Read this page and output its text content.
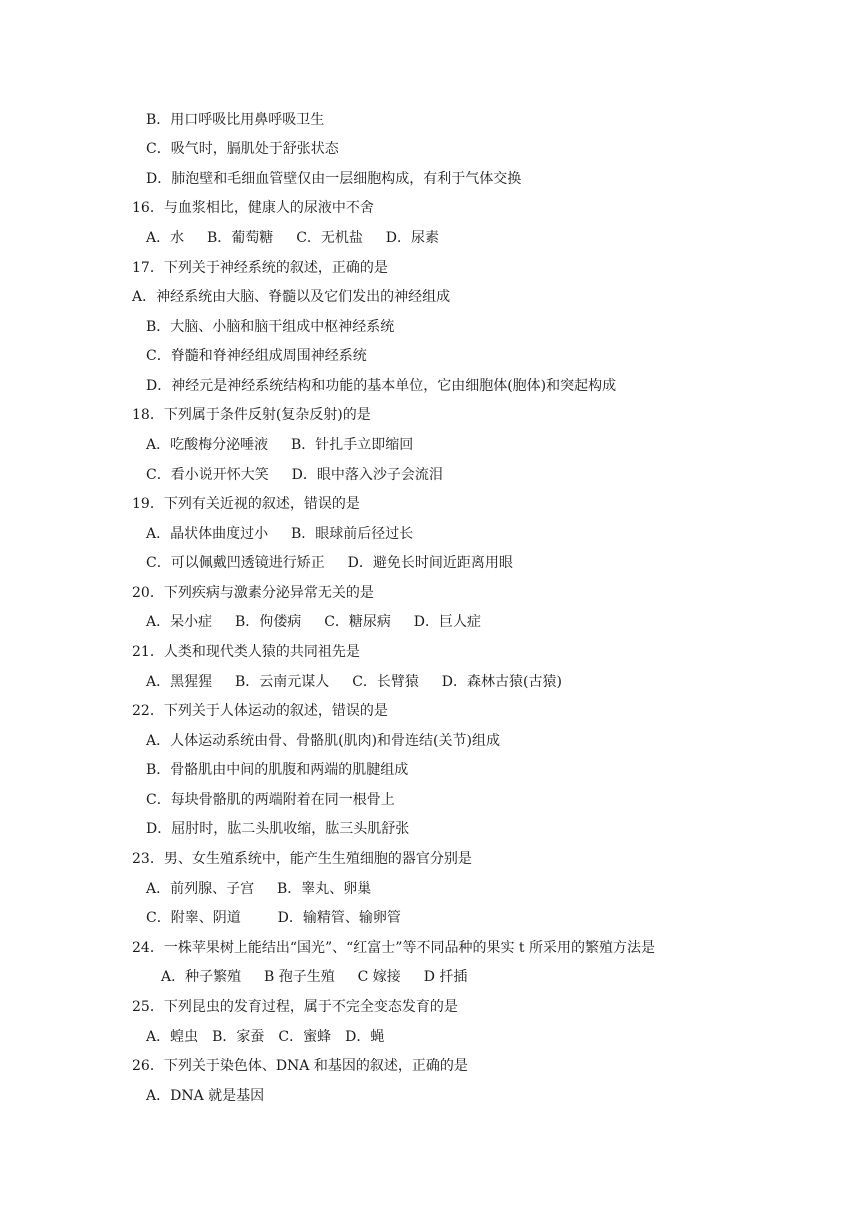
B．用口呼吸比用鼻呼吸卫生
C．吸气时，膈肌处于舒张状态
D．肺泡壁和毛细血管壁仅由一层细胞构成，有利于气体交换
16．与血浆相比，健康人的尿液中不舍
A．水　  B．葡萄糖　  C．无机盐　  D．尿素
17．下列关于神经系统的叙述，正确的是
A．神经系统由大脑、脊髓以及它们发出的神经组成
B．大脑、小脑和脑干组成中枢神经系统
C．脊髓和脊神经组成周围神经系统
D．神经元是神经系统结构和功能的基本单位，它由细胞体(胞体)和突起构成
18．下列属于条件反射(复杂反射)的是
A．吃酸梅分泌唾液　  B．针扎手立即缩回
C．看小说开怀大笑　  D．眼中落入沙子会流泪
19．下列有关近视的叙述，错误的是
A．晶状体曲度过小　  B．眼球前后径过长
C．可以佩戴凹透镜进行矫正　  D．避免长时间近距离用眼
20．下列疾病与激素分泌异常无关的是
A．呆小症　  B．佝偻病　  C．糖尿病　  D．巨人症
21．人类和现代类人猿的共同祖先是
A．黑猩猩　  B．云南元谋人　  C．长臂猿　  D．森林古猿(古猿)
22．下列关于人体运动的叙述，错误的是
A．人体运动系统由骨、骨骼肌(肌肉)和骨连结(关节)组成
B．骨骼肌由中间的肌腹和两端的肌腱组成
C．每块骨骼肌的两端附着在同一根骨上
D．屈肘时，肱二头肌收缩，肱三头肌舒张
23．男、女生殖系统中，能产生生殖细胞的器官分别是
A．前列腺、子宫　  B．睾丸、卵巢
C．附睾、阴道　　  D．输精管、输卵管
24．一株苹果树上能结出“国光”、“红富士”等不同品种的果实 t 所采用的繁殖方法是
A．种子繁殖　  B 孢子生殖　  C 嫁接　  D 扦插
25．下列昆虫的发育过程，属于不完全变态发育的是
A．蝗虫　B．家蚕　C．蜜蜂　D．蝇
26．下列关于染色体、DNA 和基因的叙述，正确的是
A．DNA 就是基因
